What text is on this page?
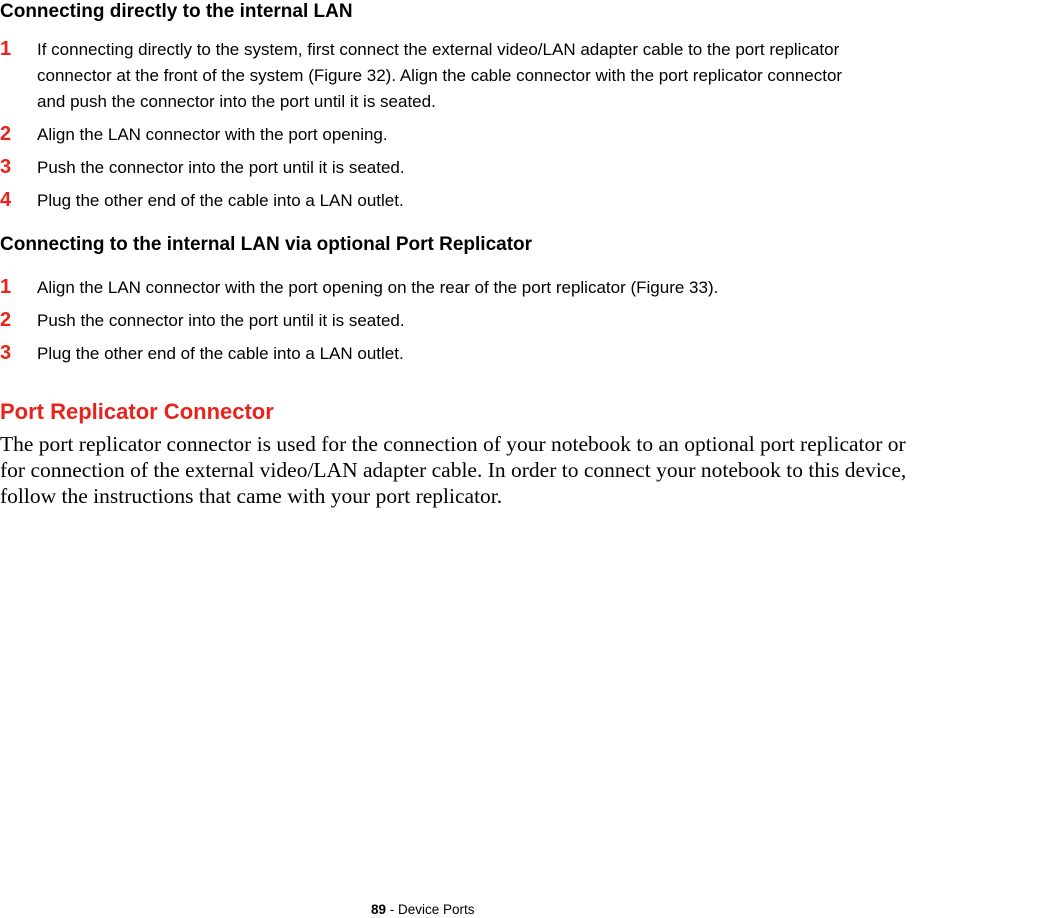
Connecting directly to the internal LAN
1 If connecting directly to the system, first connect the external video/LAN adapter cable to the port replicator
connector at the front of the system (Figure 32). Align the cable connector with the port replicator connector
and push the connector into the port until it is seated.
2 Align the LAN connector with the port opening.
3 Push the connector into the port until it is seated.
4 Plug the other end of the cable into a LAN outlet.
Connecting to the internal LAN via optional Port Replicator
1 Align the LAN connector with the port opening on the rear of the port replicator (Figure 33).
2 Push the connector into the port until it is seated.
3 Plug the other end of the cable into a LAN outlet.
Port Replicator Connector

The port replicator connector is used for the connection of your notebook to an optional port replicator or
for connection of the external video/LAN adapter cable. In order to connect your notebook to this device,
follow the instructions that came with your port replicator.

89 - Device Ports
